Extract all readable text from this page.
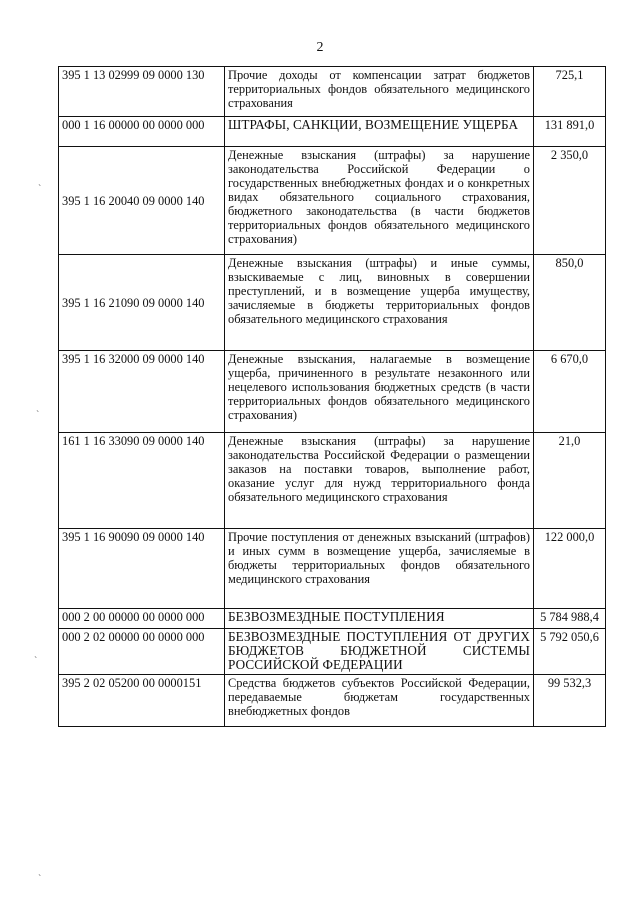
2
395 1 13 02999 09 0000 130	Прочие доходы от компенсации затрат бюджетов территориальных фондов обязательного медицинского страхования	725,1
000 1 16 00000 00 0000 000	ШТРАФЫ, САНКЦИИ, ВОЗМЕЩЕНИЕ УЩЕРБА	131 891,0
395 1 16 20040 09 0000 140	Денежные взыскания (штрафы) за нарушение законодательства Российской Федерации о государственных внебюджетных фондах и о конкретных видах обязательного социального страхования, бюджетного законодательства (в части бюджетов территориальных фондов обязательного медицинского страхования)	2 350,0
395 1 16 21090 09 0000 140	Денежные взыскания (штрафы) и иные суммы, взыскиваемые с лиц, виновных в совершении преступлений, и в возмещение ущерба имуществу, зачисляемые в бюджеты территориальных фондов обязательного медицинского страхования	850,0
395 1 16 32000 09 0000 140	Денежные взыскания, налагаемые в возмещение ущерба, причиненного в результате незаконного или нецелевого использования бюджетных средств (в части территориальных фондов обязательного медицинского страхования)	6 670,0
161 1 16 33090 09 0000 140	Денежные взыскания (штрафы) за нарушение законодательства Российской Федерации о размещении заказов на поставки товаров, выполнение работ, оказание услуг для нужд территориального фонда обязательного медицинского страхования	21,0
395 1 16 90090 09 0000 140	Прочие поступления от денежных взысканий (штрафов) и иных сумм в возмещение ущерба, зачисляемые в бюджеты территориальных фондов обязательного медицинского страхования	122 000,0
000 2 00 00000 00 0000 000	БЕЗВОЗМЕЗДНЫЕ ПОСТУПЛЕНИЯ	5 784 988,4
000 2 02 00000 00 0000 000	БЕЗВОЗМЕЗДНЫЕ ПОСТУПЛЕНИЯ ОТ ДРУГИХ БЮДЖЕТОВ БЮДЖЕТНОЙ СИСТЕМЫ РОССИЙСКОЙ ФЕДЕРАЦИИ	5 792 050,6
395 2 02 05200 00 0000151	Средства бюджетов субъектов Российской Федерации, передаваемые бюджетам государственных внебюджетных фондов	99 532,3
`
`
`
`
